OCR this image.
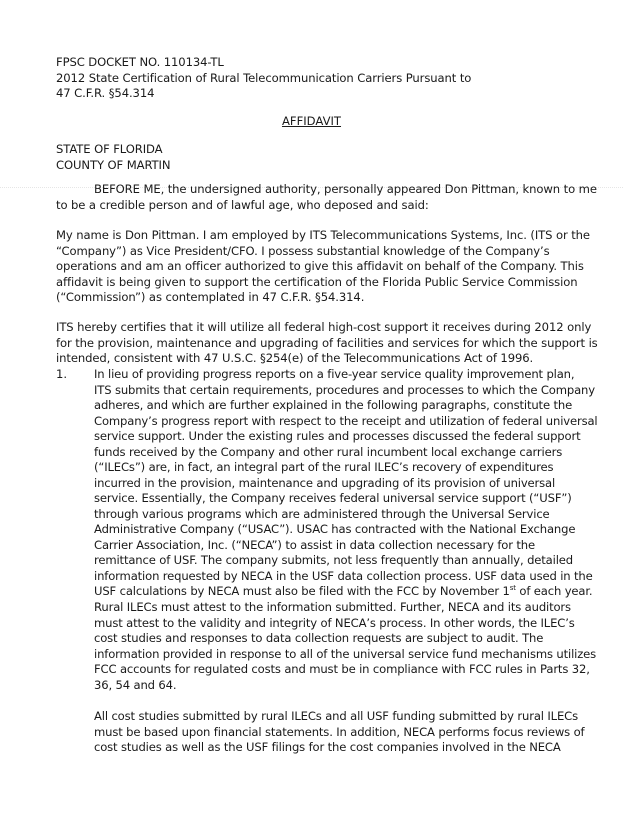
FPSC DOCKET NO. 110134-TL
2012 State Certification of Rural Telecommunication Carriers Pursuant to
47 C.F.R. §54.314
AFFIDAVIT
STATE OF FLORIDA
COUNTY OF MARTIN
BEFORE ME, the undersigned authority, personally appeared Don Pittman, known to me
to be a credible person and of lawful age, who deposed and said:
My name is Don Pittman. I am employed by ITS Telecommunications Systems, Inc. (ITS or the
“Company”) as Vice President/CFO. I possess substantial knowledge of the Company’s
operations and am an officer authorized to give this affidavit on behalf of the Company. This
affidavit is being given to support the certification of the Florida Public Service Commission
(“Commission”) as contemplated in 47 C.F.R. §54.314.
ITS hereby certifies that it will utilize all federal high-cost support it receives during 2012 only
for the provision, maintenance and upgrading of facilities and services for which the support is
intended, consistent with 47 U.S.C. §254(e) of the Telecommunications Act of 1996.
1. In lieu of providing progress reports on a five-year service quality improvement plan,
ITS submits that certain requirements, procedures and processes to which the Company
adheres, and which are further explained in the following paragraphs, constitute the
Company’s progress report with respect to the receipt and utilization of federal universal
service support. Under the existing rules and processes discussed the federal support
funds received by the Company and other rural incumbent local exchange carriers
(“ILECs”) are, in fact, an integral part of the rural ILEC’s recovery of expenditures
incurred in the provision, maintenance and upgrading of its provision of universal
service. Essentially, the Company receives federal universal service support (“USF”)
through various programs which are administered through the Universal Service
Administrative Company (“USAC”). USAC has contracted with the National Exchange
Carrier Association, Inc. (“NECA”) to assist in data collection necessary for the
remittance of USF. The company submits, not less frequently than annually, detailed
information requested by NECA in the USF data collection process. USF data used in the
USF calculations by NECA must also be filed with the FCC by November 1st of each year.
Rural ILECs must attest to the information submitted. Further, NECA and its auditors
must attest to the validity and integrity of NECA’s process. In other words, the ILEC’s
cost studies and responses to data collection requests are subject to audit. The
information provided in response to all of the universal service fund mechanisms utilizes
FCC accounts for regulated costs and must be in compliance with FCC rules in Parts 32,
36, 54 and 64.
All cost studies submitted by rural ILECs and all USF funding submitted by rural ILECs
must be based upon financial statements. In addition, NECA performs focus reviews of
cost studies as well as the USF filings for the cost companies involved in the NECA
